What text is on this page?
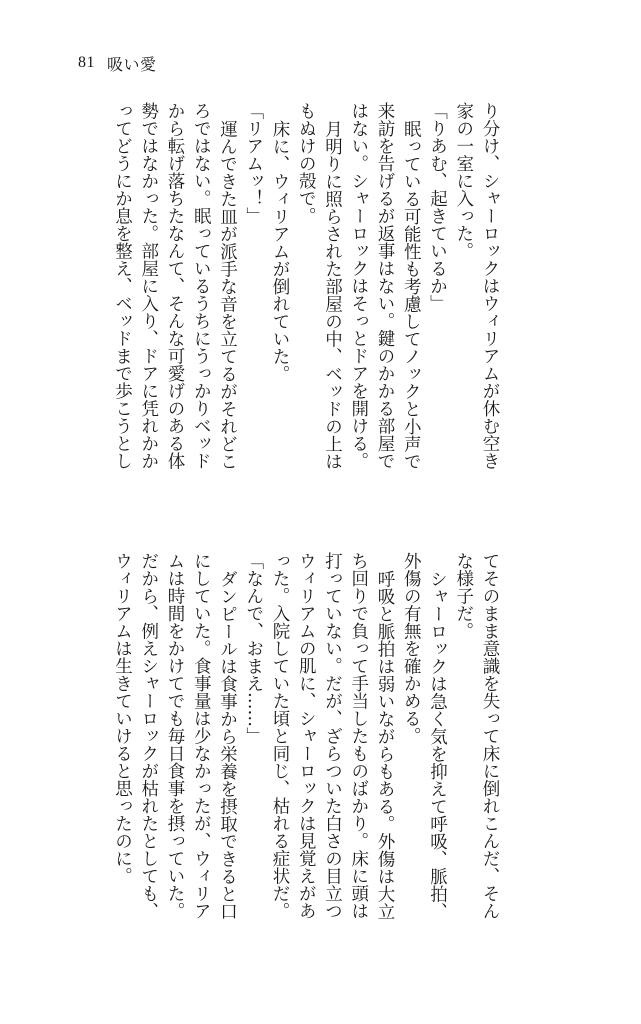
81 吸い愛

り分け、シャーロックはウィリアムが休む空き

家の一室に入った。

「りあむ、起きているか」

眠っている可能性も考慮してノックと小声で

来訪を告げるが返事はない。鍵のかかる部屋で

はない。シャーロックはそっとドアを開ける。

月明りに照らされた部屋の中、ベッドの上は

もぬけの殻で。

床に、ウィリアムが倒れていた。

「リアムッ！」

運んできた皿が派手な音を立てるがそれどこ

ろではない。眠っているうちにうっかりベッド

から転げ落ちたなんて、そんな可愛げのある体

勢ではなかった。部屋に入り、ドアに凭れかか

ってどうにか息を整え、ベッドまで歩こうとし

てそのまま意識を失って床に倒れこんだ、そん

な様子だ。

シャーロックは急く気を抑えて呼吸、脈拍、

外傷の有無を確かめる。

呼吸と脈拍は弱いながらもある。外傷は大立

ち回りで負って手当したものばかり。床に頭は

打っていない。だが、ざらついた白さの目立つ

ウィリアムの肌に、シャーロックは見覚えがあ

った。入院していた頃と同じ、枯れる症状だ。

「なんで、おまえ……」

ダンピールは食事から栄養を摂取できると口

にしていた。食事量は少なかったが、ウィリア

ムは時間をかけてでも毎日食事を摂っていた。

だから、例えシャーロックが枯れたとしても、

ウィリアムは生きていけると思ったのに。
